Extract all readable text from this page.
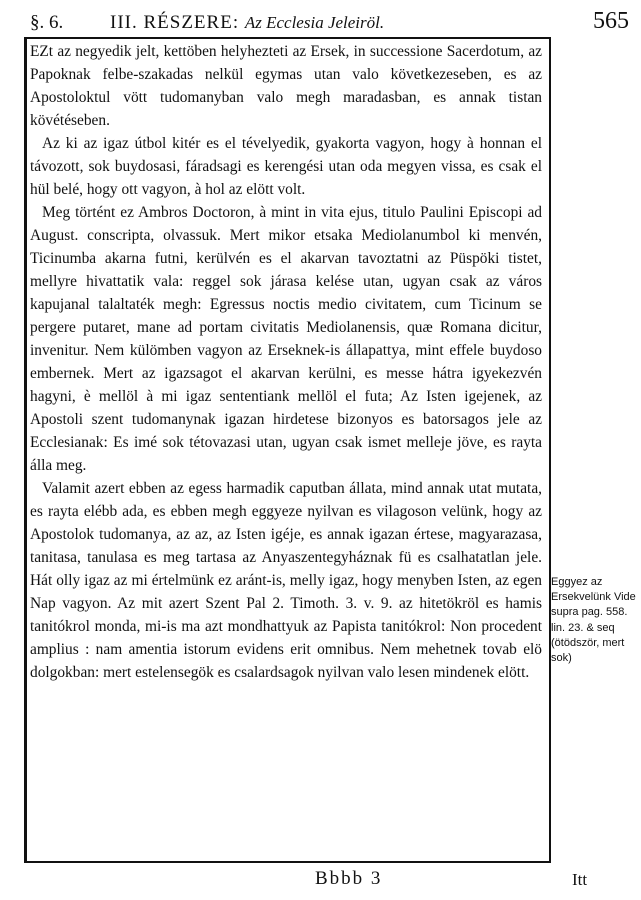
§. 6. III. RÉSZERE: Az Ecclesia Jeleiröl.	565

EZt az negyedik jelt, kettöben helyhezteti az Ersek, in successione Sacerdotum, az Papoknak felbe-szakadas nelkül egymas utan valo következeseben, es az Apostoloktul vött tudomanyban valo megh maradasban, es annak tistan kövétéseben.

Az ki az igaz útbol kitér es el tévelyedik, gyakorta vagyon, hogy à honnan el távozott, sok buydosasi, fáradsagi es kerengési utan oda megyen vissa, es csak el hül belé, hogy ott vagyon, à hol az elött volt.

Meg történt ez Ambros Doctoron, à mint in vita ejus, titulo Paulini Episcopi ad August. conscripta, olvassuk. Mert mikor etsaka Mediolanumbol ki menvén, Ticinumba akarna futni, kerülvén es el akarvan tavoztatni az Püspöki tistet, mellyre hivattatik vala: reggel sok járasa kelése utan, ugyan csak az város kapujanal talaltaték megh: Egressus noctis medio civitatem, cum Ticinum se pergere putaret, mane ad portam civitatis Mediolanensis, quæ Romana dicitur, invenitur. Nem külömben vagyon az Erseknek-is állapattya, mint effele buydoso embernek. Mert az igazsagot el akarvan kerülni, es messe hátra igyekezvén hagyni, è mellöl à mi igaz sententiank mellöl el futa; Az Isten igejenek, az Apostoli szent tudomanynak igazan hirdetese bizonyos es batorsagos jele az Ecclesianak: Es imé sok tétovazasi utan, ugyan csak ismet melleje jöve, es rayta álla meg.

Valamit azert ebben az egess harmadik caputban állata, mind annak utat mutata, es rayta elébb ada, es ebben megh eggyeze nyilvan es vilagoson velünk, hogy az Apostolok tudomanya, az az, az Isten igéje, es annak igazan értese, magyarazasa, tanitasa, tanulasa es meg tartasa az Anyaszentegyháznak fü es csalhatatlan jele. Hát olly igaz az mi értelmünk ez aránt-is, melly igaz, hogy menyben Isten, az egen Nap vagyon. Az mit azert Szent Pal 2. Timoth. 3. v. 9. az hitetökröl es hamis tanitókrol monda, mi-is ma azt mondhattyuk az Papista tanitókrol: Non procedent amplius : nam amentia istorum evidens erit omnibus. Nem mehetnek tovab elö dolgokban: mert estelensegök es csalardsagok nyilvan valo lesen mindenek elött.

Eggyez az Ersekvelünk Vide supra pag. 558. lin. 23. & seq (ötödször, mert sok)
Bbbb 3	Itt
